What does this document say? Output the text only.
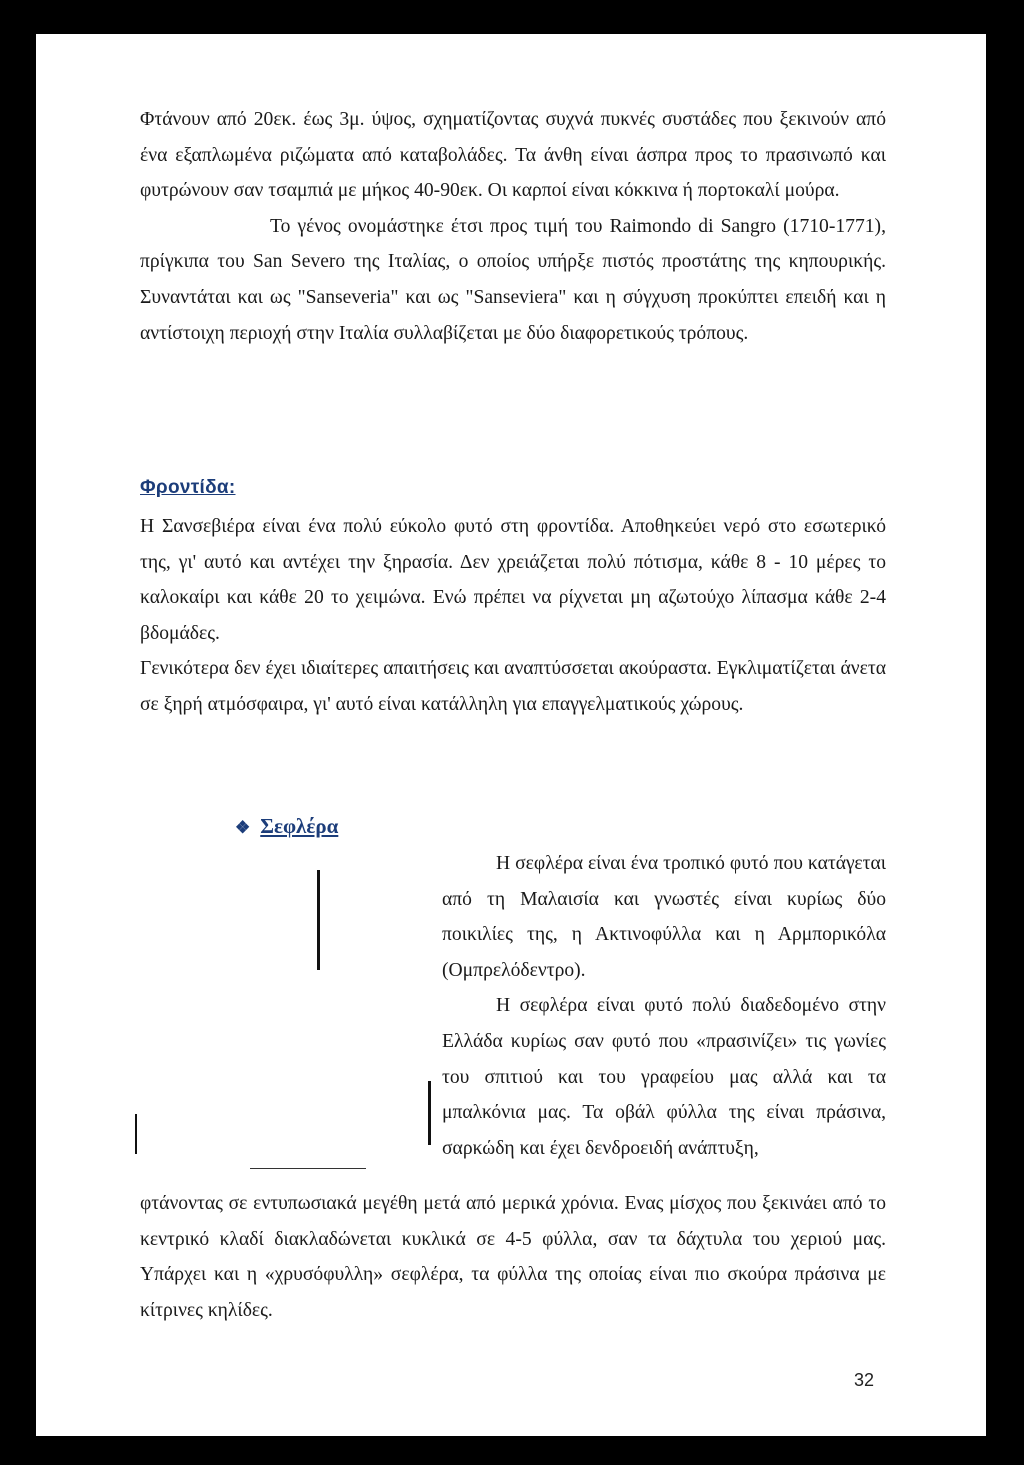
Φτάνουν από 20εκ. έως 3μ. ύψος, σχηματίζοντας συχνά πυκνές συστάδες που ξεκινούν από ένα εξαπλωμένα ριζώματα από καταβολάδες. Τα άνθη είναι άσπρα προς το πρασινωπό και φυτρώνουν σαν τσαμπιά με μήκος 40-90εκ. Οι καρποί είναι κόκκινα ή πορτοκαλί μούρα.

Το γένος ονομάστηκε έτσι προς τιμή του Raimondo di Sangro (1710-1771), πρίγκιπα του San Severo της Ιταλίας, ο οποίος υπήρξε πιστός προστάτης της κηπουρικής. Συναντάται και ως "Sanseveria" και ως "Sanseviera" και η σύγχυση προκύπτει επειδή και η αντίστοιχη περιοχή στην Ιταλία συλλαβίζεται με δύο διαφορετικούς τρόπους.

Φροντίδα:

Η Σανσεβιέρα είναι ένα πολύ εύκολο φυτό στη φροντίδα. Αποθηκεύει νερό στο εσωτερικό της, γι' αυτό και αντέχει την ξηρασία. Δεν χρειάζεται πολύ πότισμα, κάθε 8 - 10 μέρες το καλοκαίρι και κάθε 20 το χειμώνα. Ενώ πρέπει να ρίχνεται μη αζωτούχο λίπασμα κάθε 2-4 βδομάδες.

Γενικότερα δεν έχει ιδιαίτερες απαιτήσεις και αναπτύσσεται ακούραστα. Εγκλιματίζεται άνετα σε ξηρή ατμόσφαιρα, γι' αυτό είναι κατάλληλη για επαγγελματικούς χώρους.

❖ Σεφλέρα

Η σεφλέρα είναι ένα τροπικό φυτό που κατάγεται από τη Μαλαισία και γνωστές είναι κυρίως δύο ποικιλίες της, η Ακτινοφύλλα και η Αρμπορικόλα (Ομπρελόδεντρο).

Η σεφλέρα είναι φυτό πολύ διαδεδομένο στην Ελλάδα κυρίως σαν φυτό που «πρασινίζει» τις γωνίες του σπιτιού και του γραφείου μας αλλά και τα μπαλκόνια μας. Τα οβάλ φύλλα της είναι πράσινα, σαρκώδη και έχει δενδροειδή ανάπτυξη,

φτάνοντας σε εντυπωσιακά μεγέθη μετά από μερικά χρόνια. Ενας μίσχος που ξεκινάει από το κεντρικό κλαδί διακλαδώνεται κυκλικά σε 4-5 φύλλα, σαν τα δάχτυλα του χεριού μας. Υπάρχει και η «χρυσόφυλλη» σεφλέρα, τα φύλλα της οποίας είναι πιο σκούρα πράσινα με κίτρινες κηλίδες.

32
